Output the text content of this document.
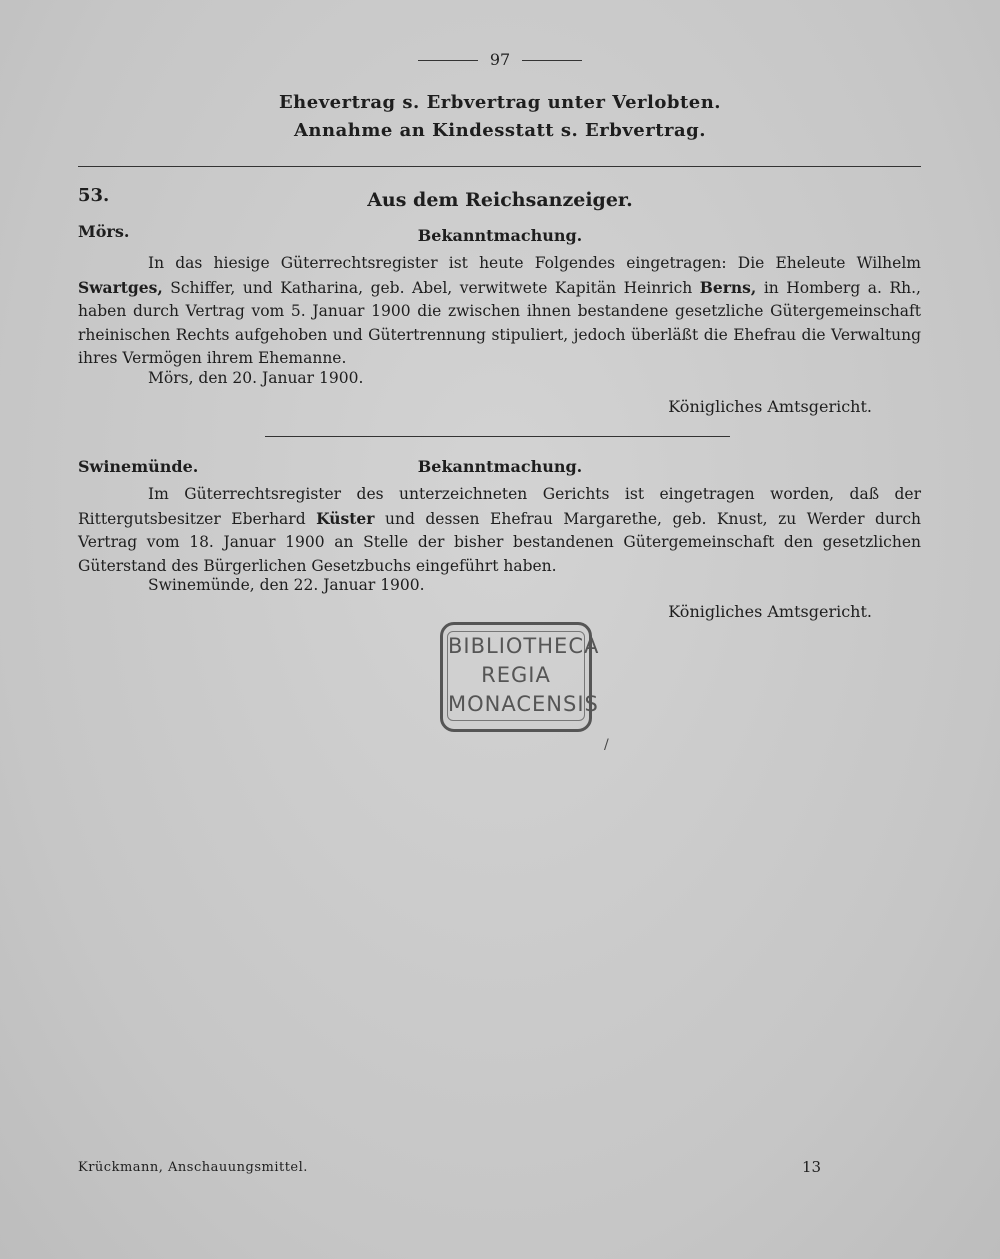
97
Ehevertrag s. Erbvertrag unter Verlobten.
Annahme an Kindesstatt s. Erbvertrag.
53.	Aus dem Reichsanzeiger.
Mörs.	Bekanntmachung.
In das hiesige Güterrechtsregister ist heute Folgendes eingetragen: Die Eheleute Wilhelm Swartges, Schiffer, und Katharina, geb. Abel, verwitwete Kapitän Heinrich Berns, in Homberg a. Rh., haben durch Vertrag vom 5. Januar 1900 die zwischen ihnen bestandene gesetzliche Gütergemeinschaft rheinischen Rechts aufgehoben und Gütertrennung stipuliert, jedoch überläßt die Ehefrau die Verwaltung ihres Vermögen ihrem Ehemanne.
Mörs, den 20. Januar 1900.
Königliches Amtsgericht.
Swinemünde.	Bekanntmachung.
Im Güterrechtsregister des unterzeichneten Gerichts ist eingetragen worden, daß der Rittergutsbesitzer Eberhard Küster und dessen Ehefrau Margarethe, geb. Knust, zu Werder durch Vertrag vom 18. Januar 1900 an Stelle der bisher bestandenen Gütergemeinschaft den gesetzlichen Güterstand des Bürgerlichen Gesetzbuchs eingeführt haben.
Swinemünde, den 22. Januar 1900.
Königliches Amtsgericht.
BIBLIOTHECA
REGIA
MONACENSIS
/
Krückmann, Anschauungsmittel.	13
